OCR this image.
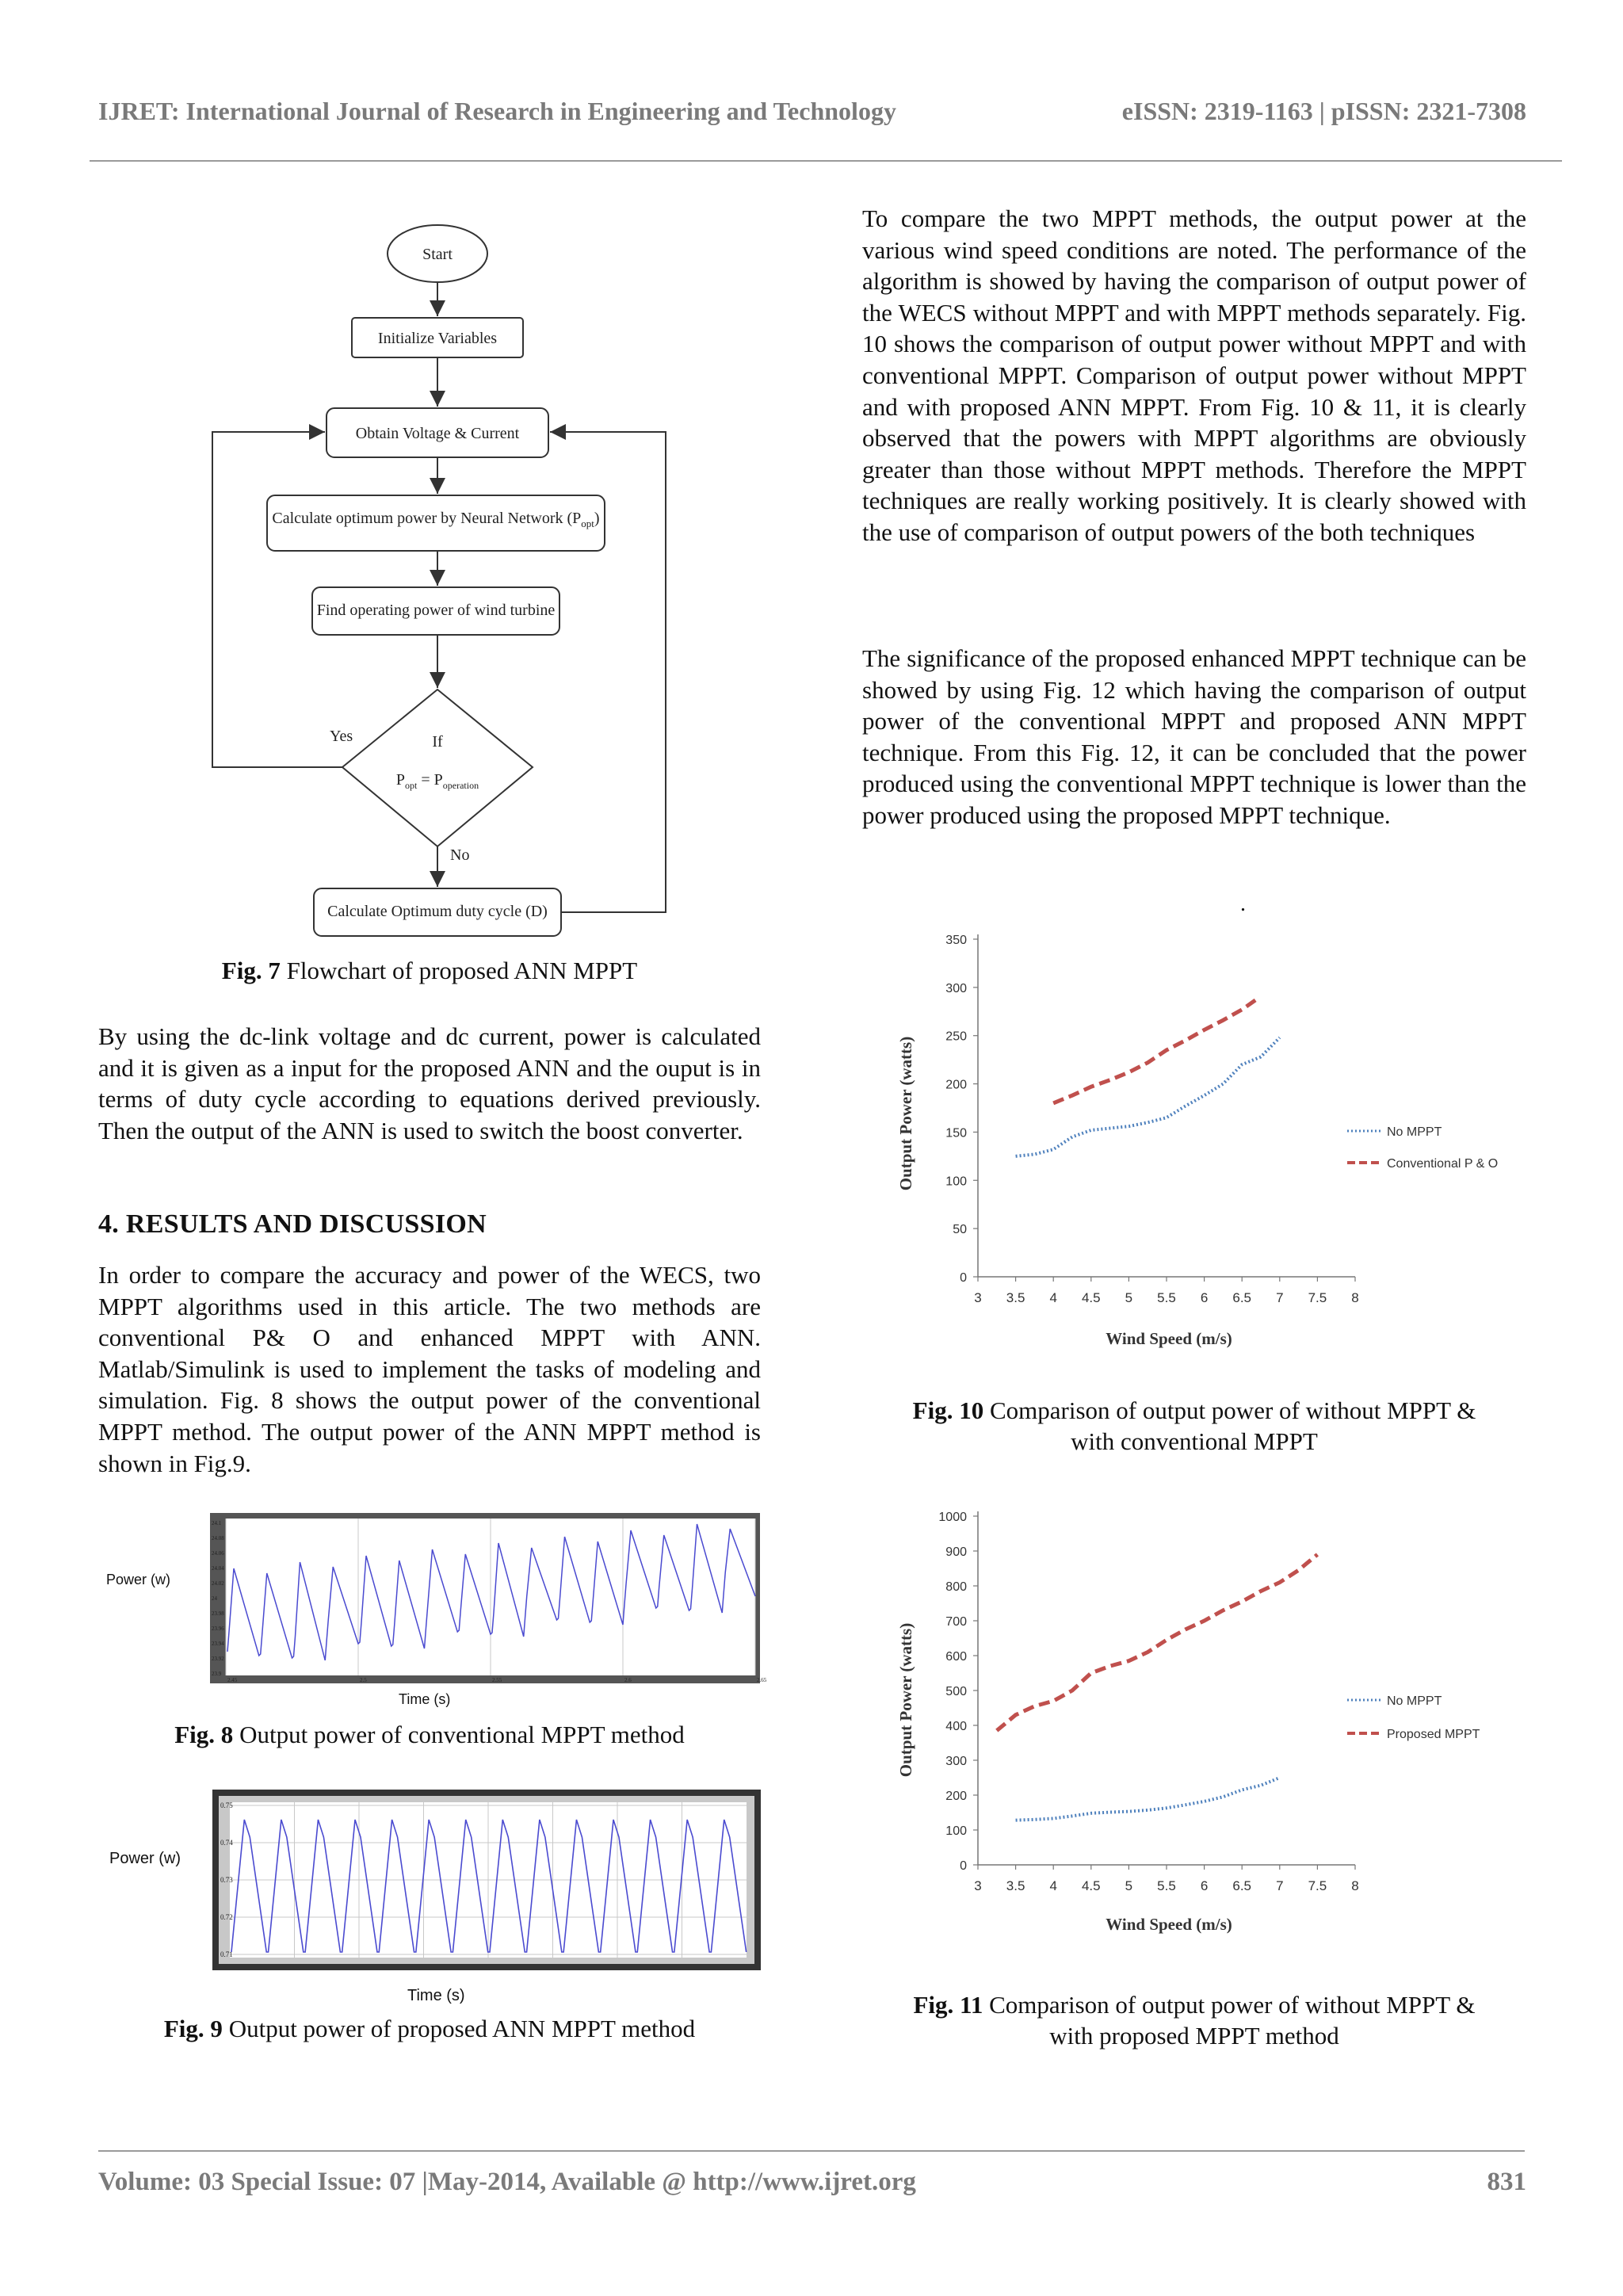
IJRET: International Journal of Research in Engineering and Technology	eISSN: 2319-1163 | pISSN: 2321-7308
Start
Initialize Variables
Obtain Voltage & Current
Calculate optimum power by Neural Network $(P_{opt})$
Find operating power of wind turbine
If
$P_{opt} = P_{operation}$
Yes
No
Calculate Optimum duty cycle (D)
Fig. 7 Flowchart of proposed ANN MPPT
By using the dc-link voltage and dc current, power is calculated and it is given as a input for the proposed ANN and the ouput is in terms of duty cycle according to equations derived previously. Then the output of the ANN is used to switch the boost converter.
4. RESULTS AND DISCUSSION
In order to compare the accuracy and power of the WECS, two MPPT algorithms used in this article. The two methods are conventional P& O and enhanced MPPT with ANN. Matlab/Simulink is used to implement the tasks of modeling and simulation. Fig. 8 shows the output power of the conventional MPPT method. The output power of the ANN MPPT method is shown in Fig.9.
Power (w)
24.1
24.08
24.06
24.04
24.02
24
23.98
23.96
23.94
23.92
23.9
2.45	2.5	2.55	2.6	2.65
Time (s)
Fig. 8 Output power of conventional MPPT method
Power (w)
0.75
0.74
0.73
0.72
0.71
Time (s)
Fig. 9 Output power of proposed ANN MPPT method
To compare the two MPPT methods, the output power at the various wind speed conditions are noted. The performance of the algorithm is showed by having the comparison of output power of the WECS without MPPT and with MPPT methods separately. Fig. 10 shows the comparison of output power without MPPT and with conventional MPPT. Comparison of output power without MPPT and with proposed ANN MPPT. From Fig. 10 & 11, it is clearly observed that the powers with MPPT algorithms are obviously greater than those without MPPT methods. Therefore the MPPT techniques are really working positively. It is clearly showed with the use of comparison of output powers of the both techniques
The significance of the proposed enhanced MPPT technique can be showed by using Fig. 12 which having the comparison of output power of the conventional MPPT and proposed ANN MPPT technique. From this Fig. 12, it can be concluded that the power produced using the conventional MPPT technique is lower than the power produced using the proposed MPPT technique.
.
0
50
100
150
200
250
300
350
3 3.5 4 4.5 5 5.5 6 6.5 7 7.5 8
Wind Speed (m/s)
Output Power (watts)	No MPPT
Conventional P & O
Fig. 10 Comparison of output power of without MPPT &
with conventional MPPT
0
100
200
300
400
500
600
700
800
900
1000
3 3.5 4 4.5 5 5.5 6 6.5 7 7.5 8
Wind Speed (m/s)
Output Power (watts)	No MPPT
Proposed MPPT
Fig. 11 Comparison of output power of without MPPT &
with proposed MPPT method
Volume: 03 Special Issue: 07 |May-2014, Available @ http://www.ijret.org	831
